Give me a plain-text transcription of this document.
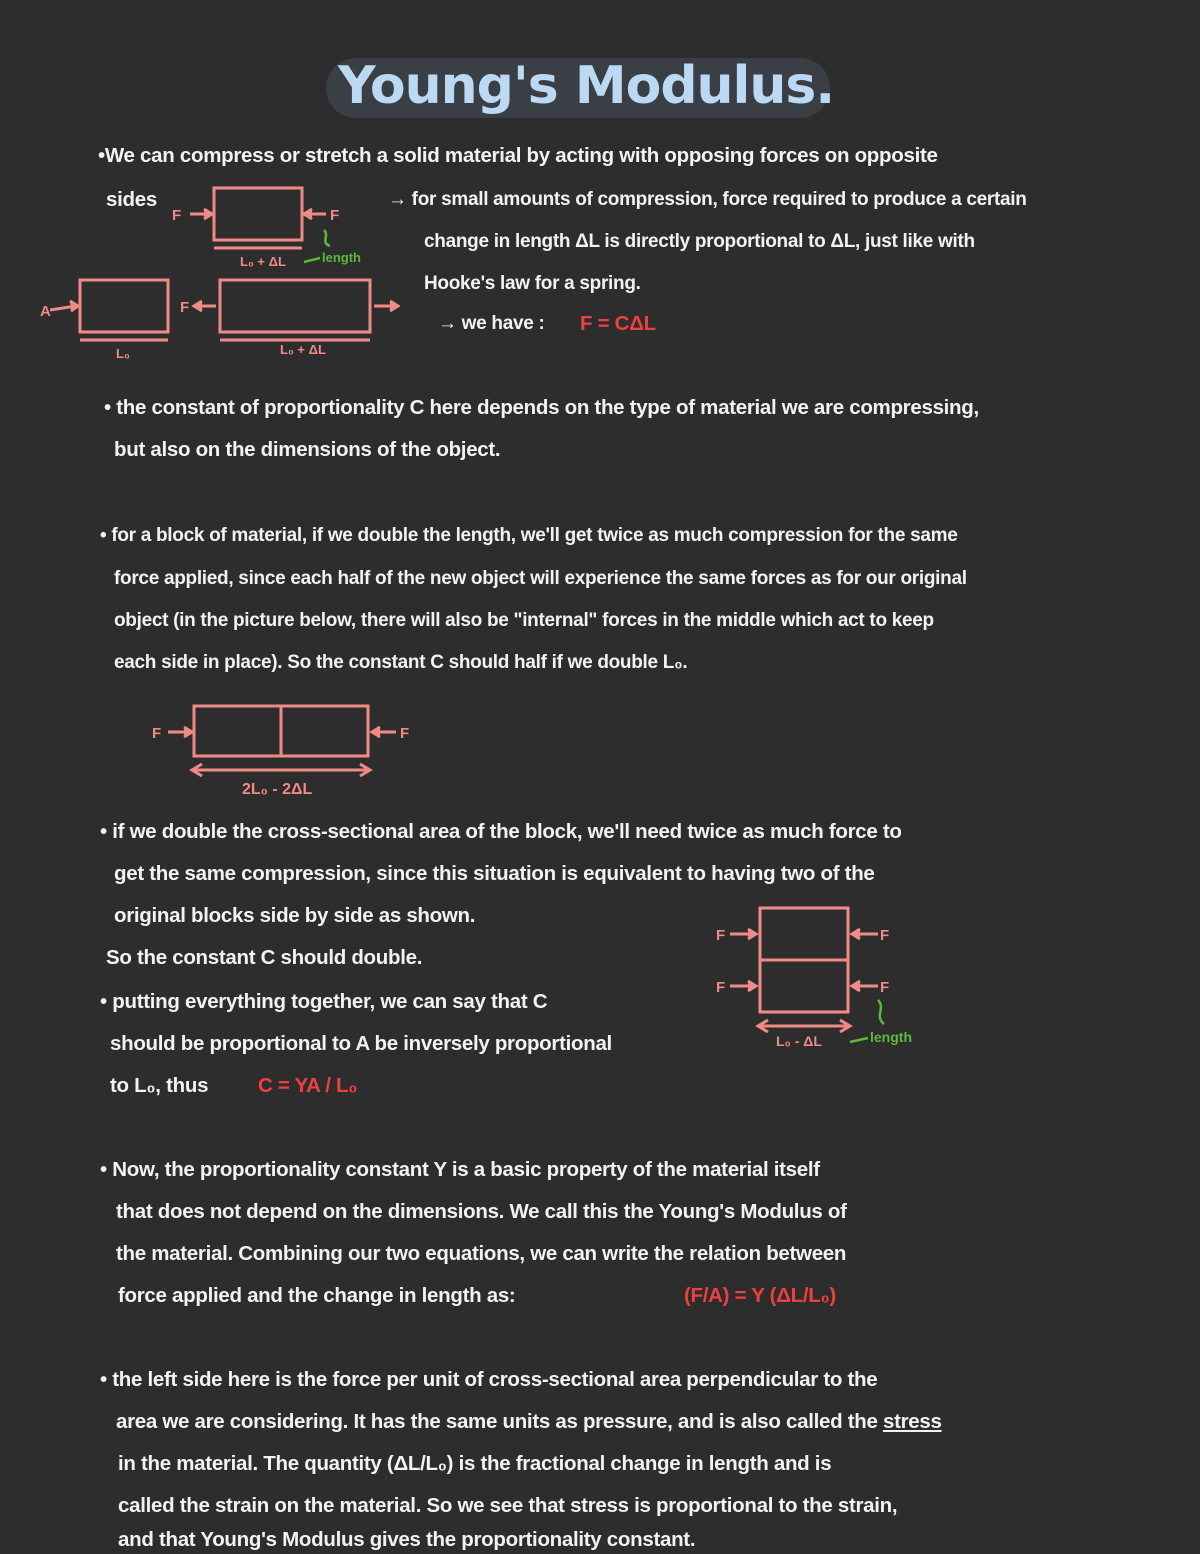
Young's Modulus.
•We can compress or stretch a solid material by acting with opposing forces on opposite
sides	→ for small amounts of compression, force required to produce a certain
change in length ΔL is directly proportional to ΔL, just like with
Hooke's law for a spring.
→ we have : F = CΔL
F	F
F
A
L₀ + ΔL
L₀	L₀ + ΔL
length
• the constant of proportionality C here depends on the type of material we are compressing,
but also on the dimensions of the object.
• for a block of material, if we double the length, we'll get twice as much compression for the same
force applied, since each half of the new object will experience the same forces as for our original
object (in the picture below, there will also be "internal" forces in the middle which act to keep
each side in place). So the constant C should half if we double L₀.
F	F
2L₀ - 2ΔL
• if we double the cross-sectional area of the block, we'll need twice as much force to
get the same compression, since this situation is equivalent to having two of the
original blocks side by side as shown.
So the constant C should double.
• putting everything together, we can say that C
should be proportional to A be inversely proportional
to L₀, thus C = YA / L₀
F
F
F
F
L₀ - ΔL	length
• Now, the proportionality constant Y is a basic property of the material itself
that does not depend on the dimensions. We call this the Young's Modulus of
the material. Combining our two equations, we can write the relation between
force applied and the change in length as:	(F/A) = Y (ΔL/L₀)
• the left side here is the force per unit of cross-sectional area perpendicular to the
area we are considering. It has the same units as pressure, and is also called the stress
in the material. The quantity (ΔL/L₀) is the fractional change in length and is
called the strain on the material. So we see that stress is proportional to the strain,
and that Young's Modulus gives the proportionality constant.
